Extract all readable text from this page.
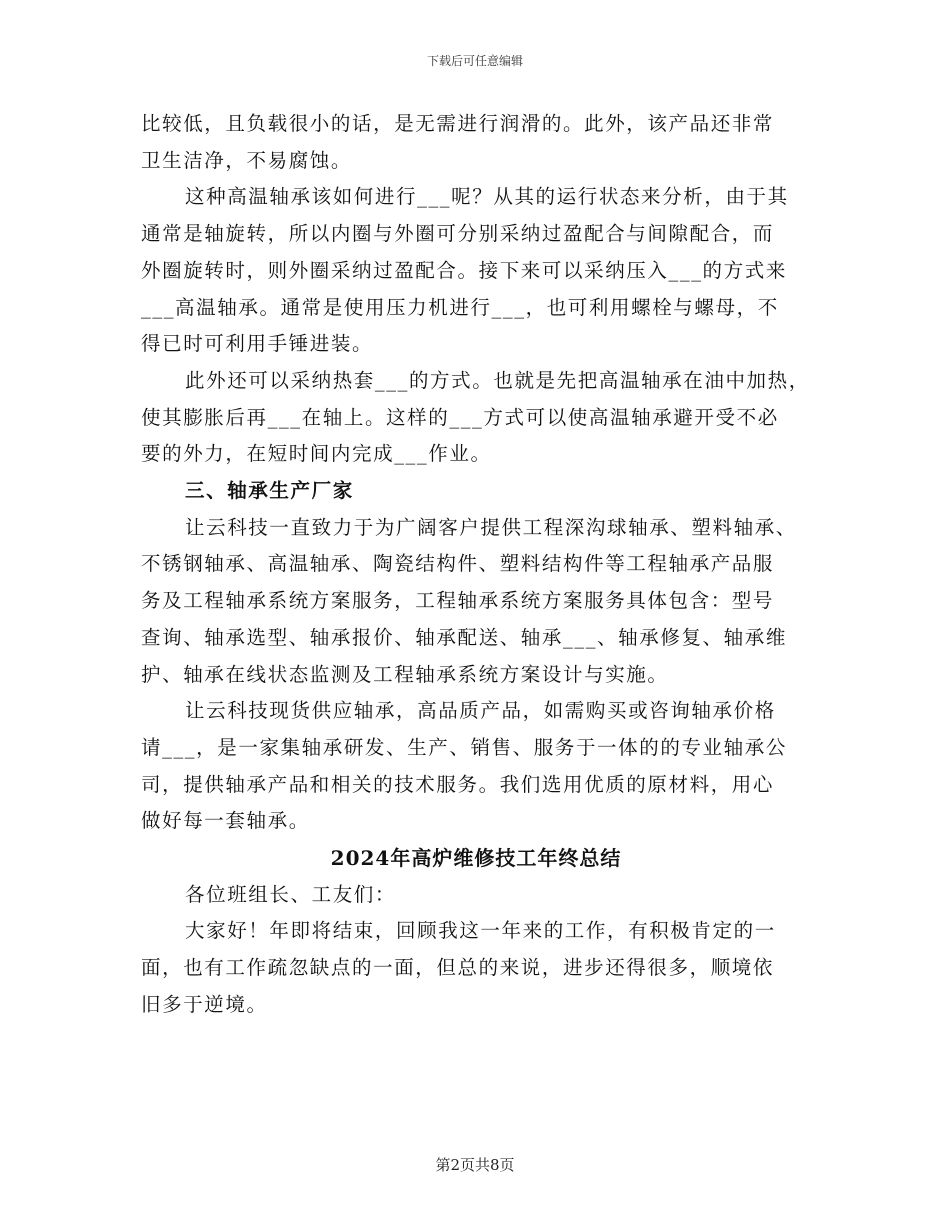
下载后可任意编辑

比较低，且负载很小的话，是无需进行润滑的。此外，该产品还非常
卫生洁净，不易腐蚀。

这种高温轴承该如何进行___呢？从其的运行状态来分析，由于其
通常是轴旋转，所以内圈与外圈可分别采纳过盈配合与间隙配合，而
外圈旋转时，则外圈采纳过盈配合。接下来可以采纳压入___的方式来
___高温轴承。通常是使用压力机进行___，也可利用螺栓与螺母，不
得已时可利用手锤进装。

此外还可以采纳热套___的方式。也就是先把高温轴承在油中加热，
使其膨胀后再___在轴上。这样的___方式可以使高温轴承避开受不必
要的外力，在短时间内完成___作业。

三、轴承生产厂家

让云科技一直致力于为广阔客户提供工程深沟球轴承、塑料轴承、
不锈钢轴承、高温轴承、陶瓷结构件、塑料结构件等工程轴承产品服
务及工程轴承系统方案服务，工程轴承系统方案服务具体包含：型号
查询、轴承选型、轴承报价、轴承配送、轴承___、轴承修复、轴承维
护、轴承在线状态监测及工程轴承系统方案设计与实施。

让云科技现货供应轴承，高品质产品，如需购买或咨询轴承价格
请___，是一家集轴承研发、生产、销售、服务于一体的的专业轴承公
司，提供轴承产品和相关的技术服务。我们选用优质的原材料，用心
做好每一套轴承。

2024年高炉维修技工年终总结

各位班组长、工友们：

大家好！年即将结束，回顾我这一年来的工作，有积极肯定的一
面，也有工作疏忽缺点的一面，但总的来说，进步还得很多，顺境依
旧多于逆境。

第2页共8页
